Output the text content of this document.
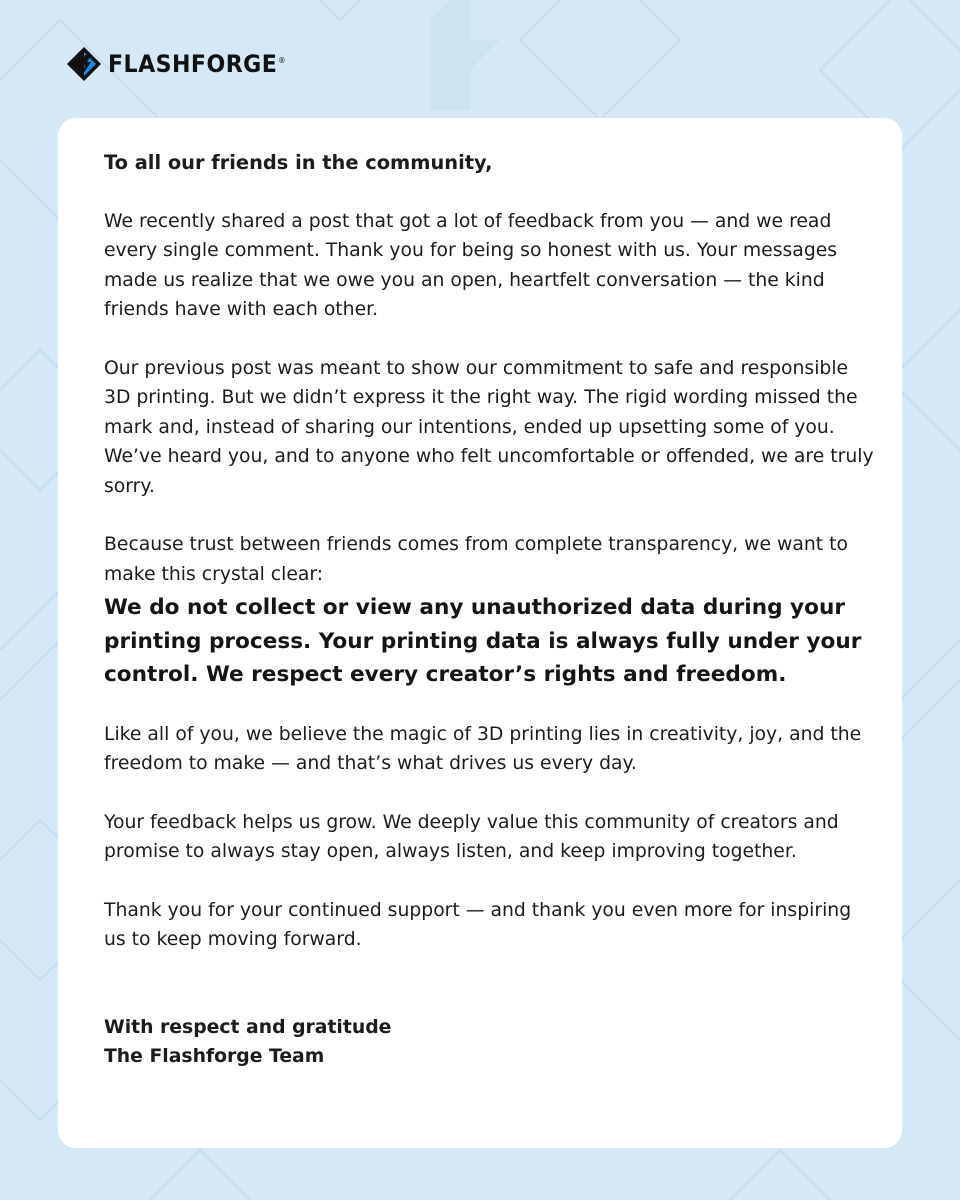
FLASHFORGE®

To all our friends in the community,

We recently shared a post that got a lot of feedback from you — and we read every single comment. Thank you for being so honest with us. Your messages made us realize that we owe you an open, heartfelt conversation — the kind friends have with each other.

Our previous post was meant to show our commitment to safe and responsible 3D printing. But we didn’t express it the right way. The rigid wording missed the mark and, instead of sharing our intentions, ended up upsetting some of you. We’ve heard you, and to anyone who felt uncomfortable or offended, we are truly sorry.

Because trust between friends comes from complete transparency, we want to make this crystal clear:

We do not collect or view any unauthorized data during your printing process. Your printing data is always fully under your control. We respect every creator’s rights and freedom.

Like all of you, we believe the magic of 3D printing lies in creativity, joy, and the freedom to make — and that’s what drives us every day.

Your feedback helps us grow. We deeply value this community of creators and promise to always stay open, always listen, and keep improving together.

Thank you for your continued support — and thank you even more for inspiring us to keep moving forward.

With respect and gratitude

The Flashforge Team
